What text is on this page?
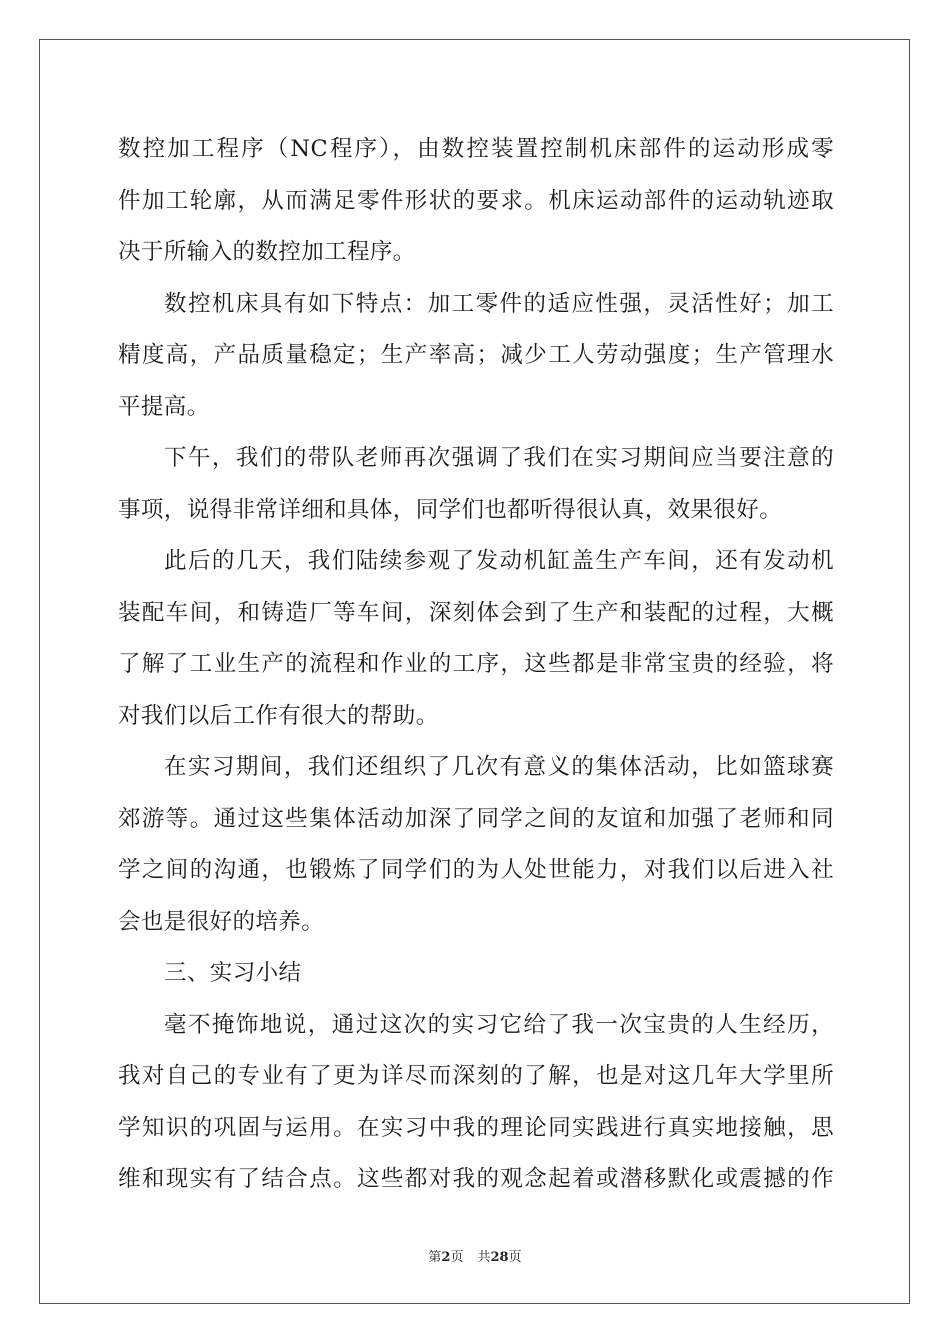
数控加工程序（NC程序），由数控装置控制机床部件的运动形成零
件加工轮廓，从而满足零件形状的要求。机床运动部件的运动轨迹取
决于所输入的数控加工程序。
数控机床具有如下特点：加工零件的适应性强，灵活性好；加工
精度高，产品质量稳定；生产率高；减少工人劳动强度；生产管理水
平提高。
下午，我们的带队老师再次强调了我们在实习期间应当要注意的
事项，说得非常详细和具体，同学们也都听得很认真，效果很好。
此后的几天，我们陆续参观了发动机缸盖生产车间，还有发动机
装配车间，和铸造厂等车间，深刻体会到了生产和装配的过程，大概
了解了工业生产的流程和作业的工序，这些都是非常宝贵的经验，将
对我们以后工作有很大的帮助。
在实习期间，我们还组织了几次有意义的集体活动，比如篮球赛
郊游等。通过这些集体活动加深了同学之间的友谊和加强了老师和同
学之间的沟通，也锻炼了同学们的为人处世能力，对我们以后进入社
会也是很好的培养。
三、实习小结
毫不掩饰地说，通过这次的实习它给了我一次宝贵的人生经历，
我对自己的专业有了更为详尽而深刻的了解，也是对这几年大学里所
学知识的巩固与运用。在实习中我的理论同实践进行真实地接触，思
维和现实有了结合点。这些都对我的观念起着或潜移默化或震撼的作
第2页 共28页
